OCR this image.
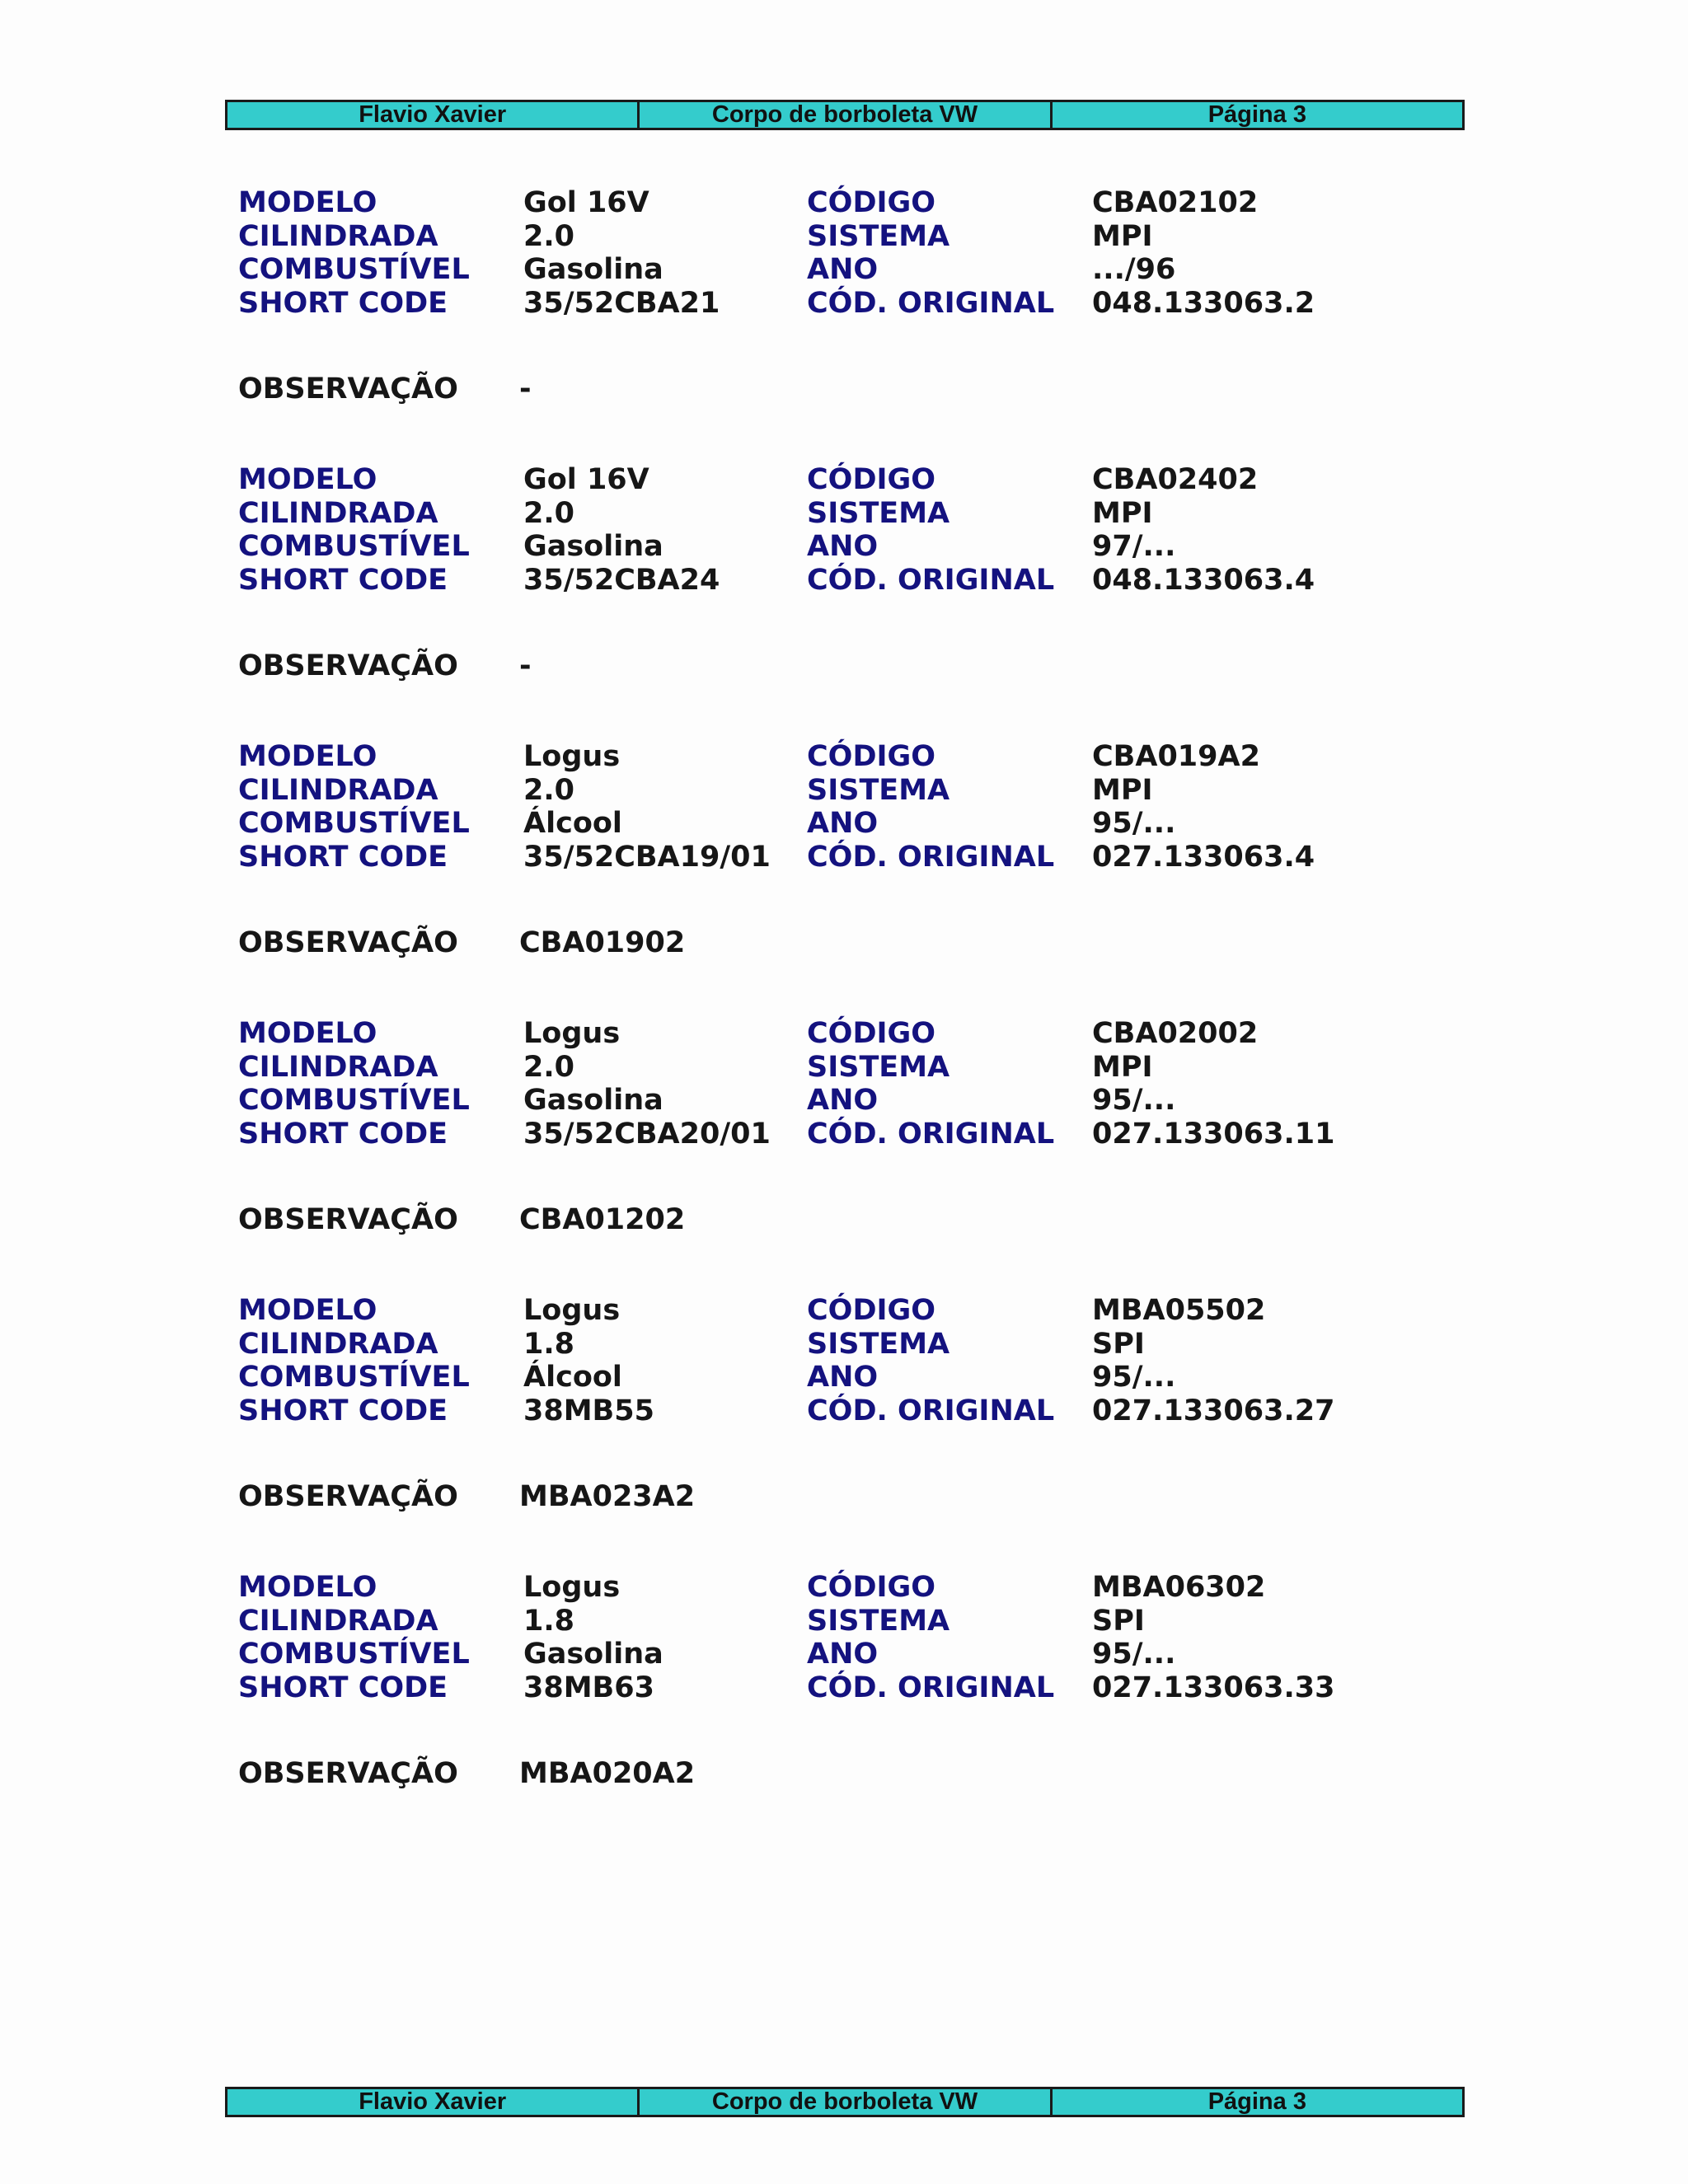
Flavio Xavier	Corpo de borboleta VW	Página 3
MODELO	Gol 16V	CÓDIGO	CBA02102
CILINDRADA	2.0	SISTEMA	MPI
COMBUSTÍVEL Gasolina	ANO	.../96
SHORT CODE	35/52CBA21	CÓD. ORIGINAL 048.133063.2
OBSERVAÇÃO -
MODELO	Gol 16V	CÓDIGO	CBA02402
CILINDRADA	2.0	SISTEMA	MPI
COMBUSTÍVEL Gasolina	ANO	97/...
SHORT CODE	35/52CBA24	CÓD. ORIGINAL 048.133063.4
OBSERVAÇÃO -
MODELO	Logus	CÓDIGO	CBA019A2
CILINDRADA	2.0	SISTEMA	MPI
COMBUSTÍVEL Álcool	ANO	95/...
SHORT CODE	35/52CBA19/01 CÓD. ORIGINAL 027.133063.4
OBSERVAÇÃO CBA01902
MODELO	Logus	CÓDIGO	CBA02002
CILINDRADA	2.0	SISTEMA	MPI
COMBUSTÍVEL Gasolina	ANO	95/...
SHORT CODE	35/52CBA20/01 CÓD. ORIGINAL 027.133063.11
OBSERVAÇÃO CBA01202
MODELO	Logus	CÓDIGO	MBA05502
CILINDRADA	1.8	SISTEMA	SPI
COMBUSTÍVEL Álcool	ANO	95/...
SHORT CODE	38MB55	CÓD. ORIGINAL 027.133063.27
OBSERVAÇÃO MBA023A2
MODELO	Logus	CÓDIGO	MBA06302
CILINDRADA	1.8	SISTEMA	SPI
COMBUSTÍVEL Gasolina	ANO	95/...
SHORT CODE	38MB63	CÓD. ORIGINAL 027.133063.33
OBSERVAÇÃO MBA020A2
Flavio Xavier	Corpo de borboleta VW	Página 3
